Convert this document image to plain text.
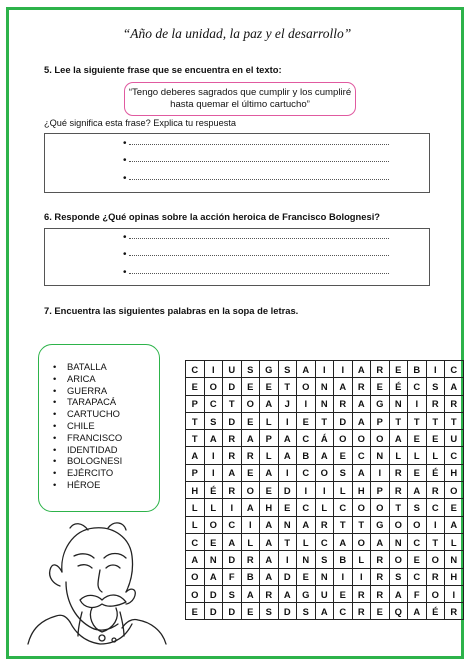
“Año de la unidad, la paz y el desarrollo”
5. Lee la siguiente frase que se encuentra en el texto:
“Tengo deberes sagrados que cumplir y los cumpliré
hasta quemar el último cartucho”
¿Qué significa esta frase? Explica tu respuesta
•
•
•
6. Responde ¿Qué opinas sobre la acción heroica de Francisco Bolognesi?
•
•
•
7. Encuentra las siguientes palabras en la sopa de letras.
• BATALLA
• ARICA
• GUERRA
• TARAPACÁ
• CARTUCHO
• CHILE
• FRANCISCO
• IDENTIDAD
• BOLOGNESI
• EJÉRCITO
• HÉROE
C	I	U	S	G	S	A	I	I	A	R	E	B	I	C
E	O	D	E	E	T	O	N	A	R	E	É	C	S	A
P	C	T	O	A	J	I	N	R	A	G	N	I	R	R
T	S	D	E	L	I	E	T	D	A	P	T	T	T	T
T	A	R	A	P	A	C	Á	O	O	O	A	E	E	U
A	I	R	R	L	A	B	A	E	C	N	L	L	L	C
P	I	A	E	A	I	C	O	S	A	I	R	E	É	H
H	É	R	O	E	D	I	I	L	H	P	R	A	R	O
L	L	I	A	H	E	C	L	C	O	O	T	S	C	E
L	O	C	I	A	N	A	R	T	T	G	O	O	I	A
C	E	A	L	A	T	L	C	A	O	A	N	C	T	L
A	N	D	R	A	I	N	S	B	L	R	O	E	O	N
O	A	F	B	A	D	E	N	I	I	R	S	C	R	H
O	D	S	A	R	A	G	U	E	R	R	A	F	O	I
E	D	D	E	S	D	S	A	C	R	E	Q	A	É	R
